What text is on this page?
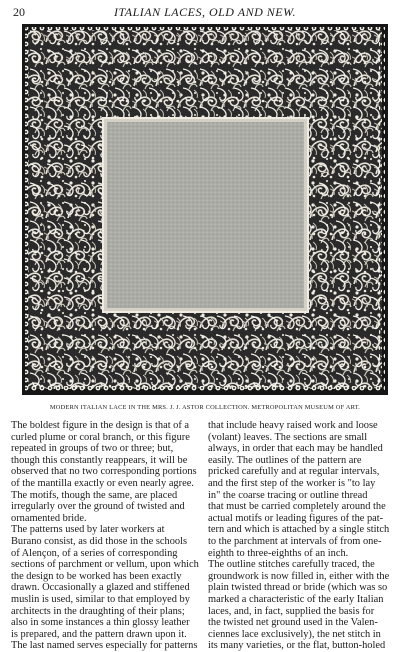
20	ITALIAN LACES, OLD AND NEW.
MODERN ITALIAN LACE IN THE MRS. J. J. ASTOR COLLECTION. METROPOLITAN MUSEUM OF ART.
The boldest figure in the design is that of a
curled plume or coral branch, or this figure
repeated in groups of two or three; but,
though this constantly reappears, it will be
observed that no two corresponding portions
of the mantilla exactly or even nearly agree.
The motifs, though the same, are placed
irregularly over the ground of twisted and
ornamented bride.
The patterns used by later workers at
Burano consist, as did those in the schools
of Alençon, of a series of corresponding
sections of parchment or vellum, upon which
the design to be worked has been exactly
drawn. Occasionally a glazed and stiffened
muslin is used, similar to that employed by
architects in the draughting of their plans;
also in some instances a thin glossy leather
is prepared, and the pattern drawn upon it.
The last named serves especially for patterns
that include heavy raised work and loose
(volant) leaves. The sections are small
always, in order that each may be handled
easily. The outlines of the pattern are
pricked carefully and at regular intervals,
and the first step of the worker is "to lay
in" the coarse tracing or outline thread
that must be carried completely around the
actual motifs or leading figures of the pat-
tern and which is attached by a single stitch
to the parchment at intervals of from one-
eighth to three-eighths of an inch.
The outline stitches carefully traced, the
groundwork is now filled in, either with the
plain twisted thread or bride (which was so
marked a characteristic of the early Italian
laces, and, in fact, supplied the basis for
the twisted net ground used in the Valen-
ciennes lace exclusively), the net stitch in
its many varieties, or the flat, button-holed
